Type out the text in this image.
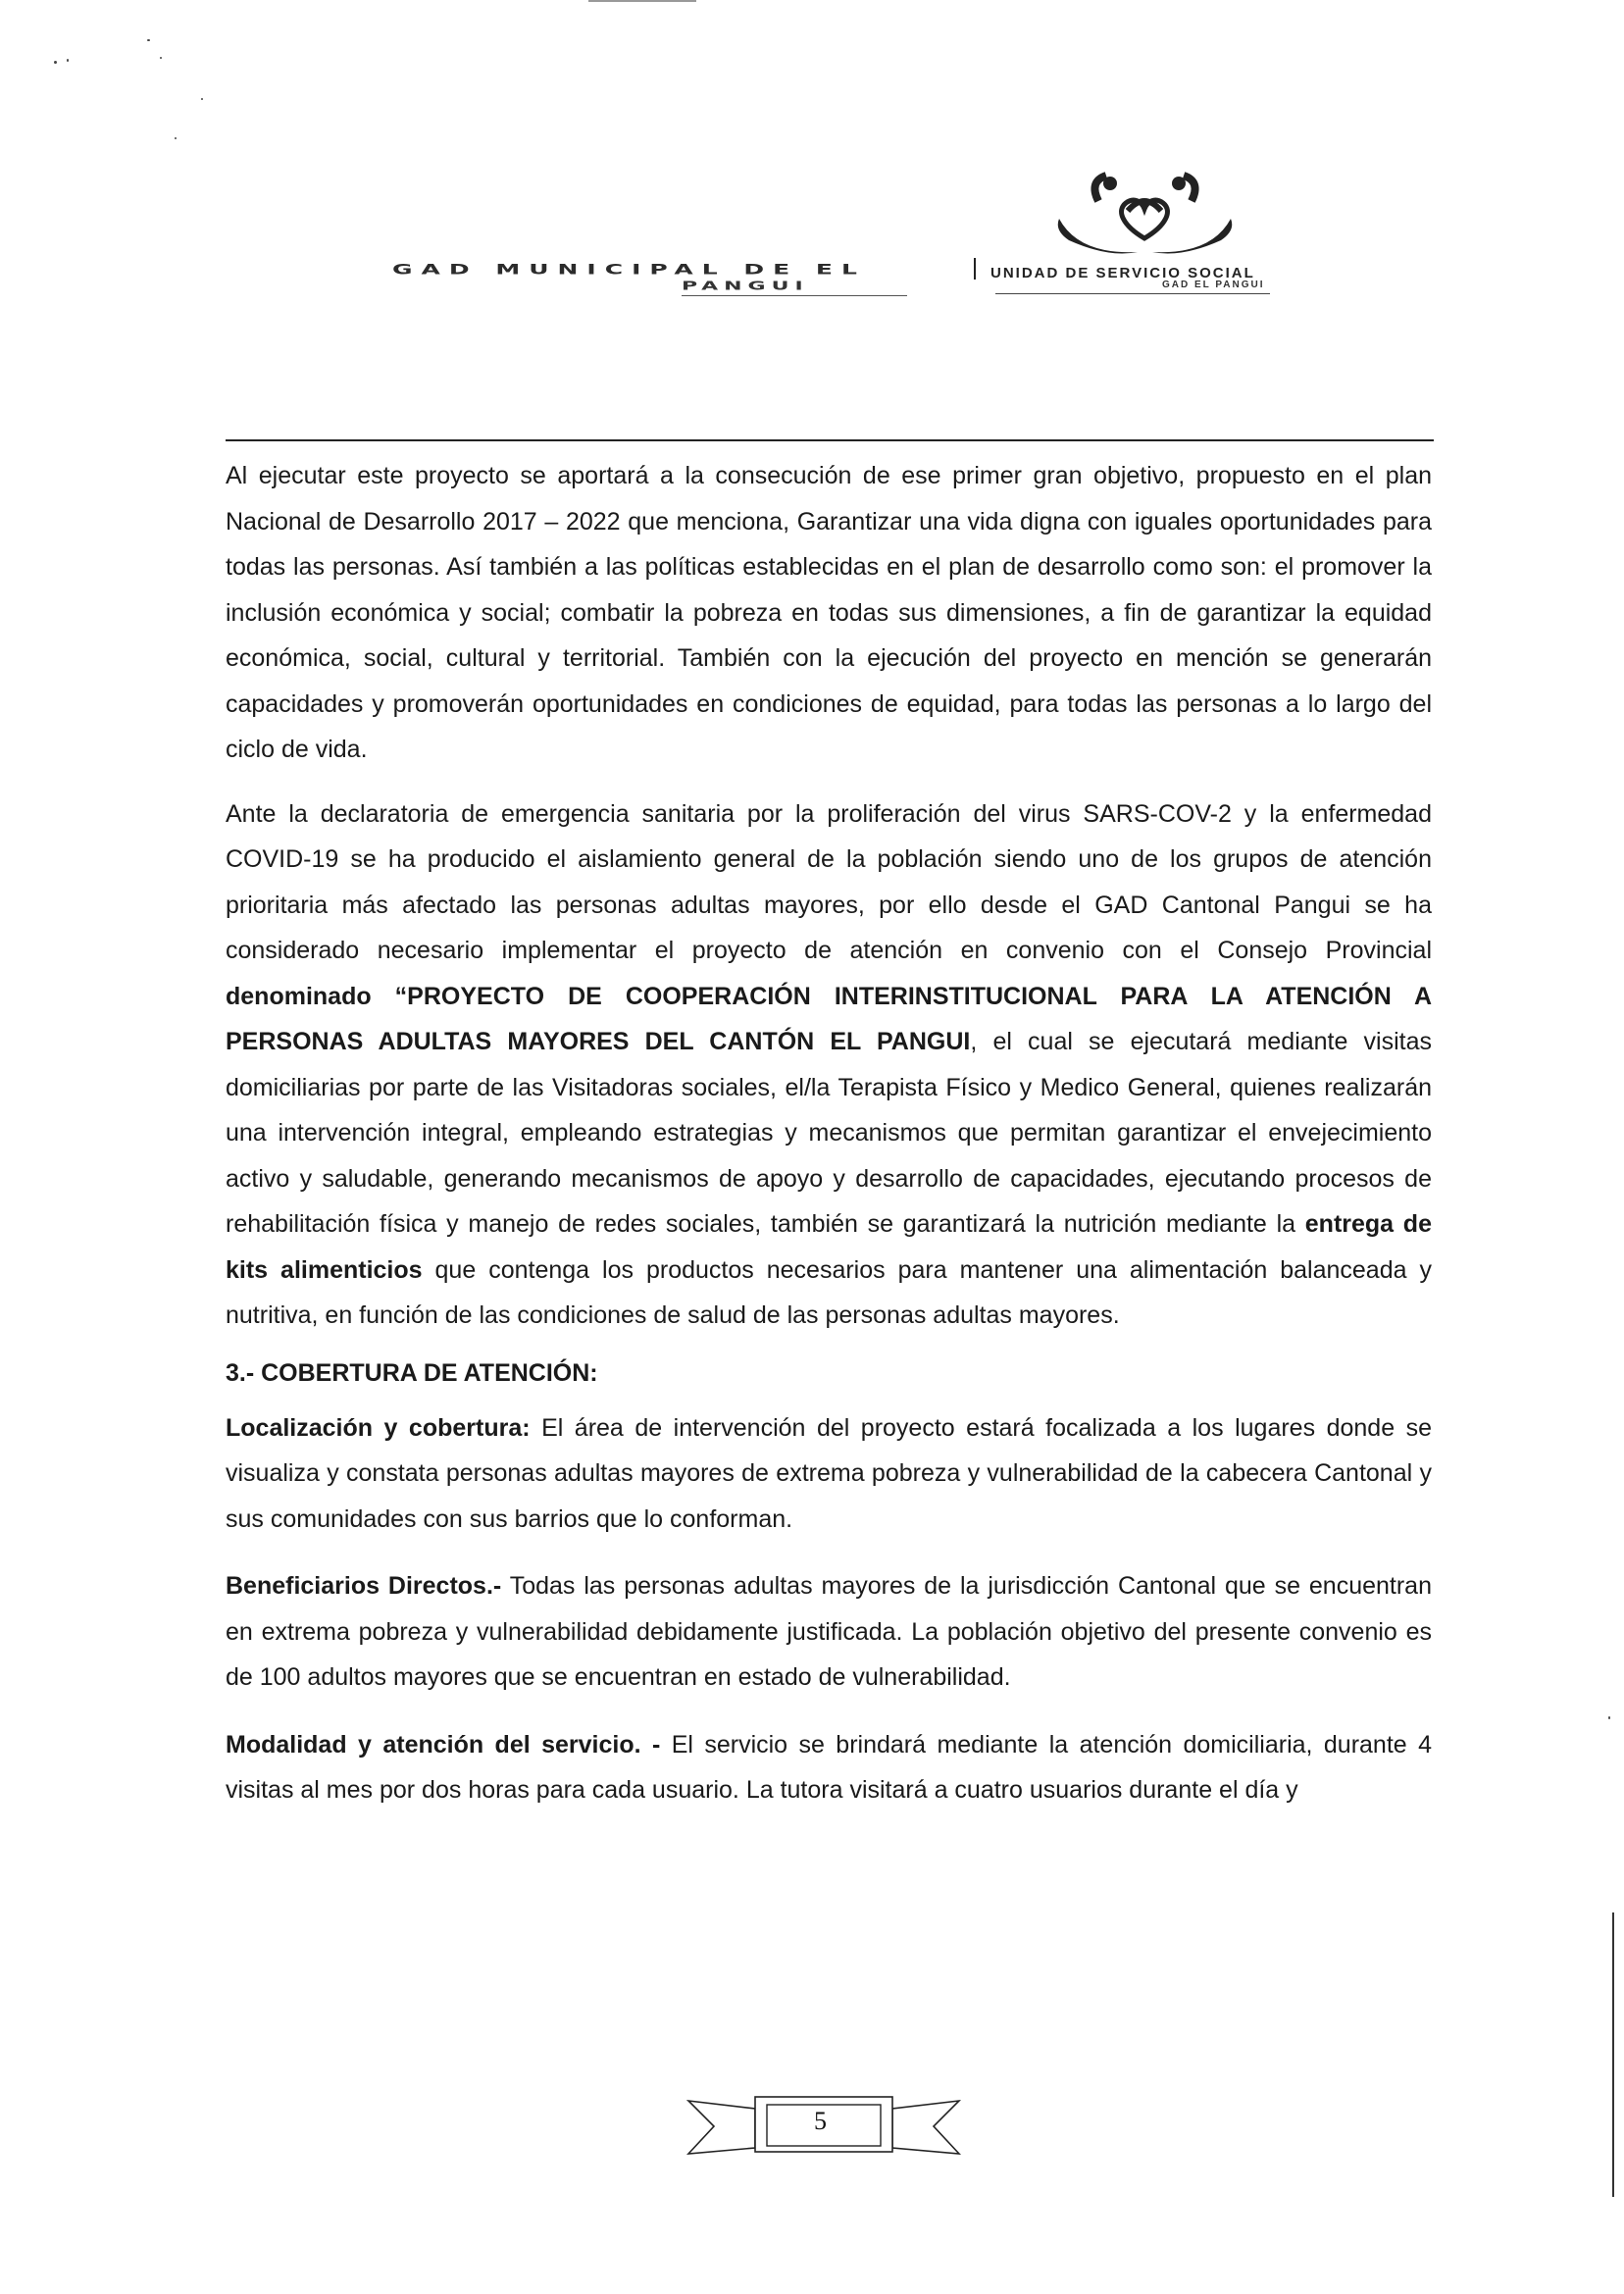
GAD MUNICIPAL DE EL
PANGUI
UNIDAD DE SERVICIO SOCIAL
GAD EL PANGUI

Al ejecutar este proyecto se aportará a la consecución de ese primer gran objetivo, propuesto en el plan Nacional de Desarrollo 2017 – 2022 que menciona, Garantizar una vida digna con iguales oportunidades para todas las personas. Así también a las políticas establecidas en el plan de desarrollo como son: el promover la inclusión económica y social; combatir la pobreza en todas sus dimensiones, a fin de garantizar la equidad económica, social, cultural y territorial. También con la ejecución del proyecto en mención se generarán capacidades y promoverán oportunidades en condiciones de equidad, para todas las personas a lo largo del ciclo de vida.

Ante la declaratoria de emergencia sanitaria por la proliferación del virus SARS-COV-2 y la enfermedad COVID-19 se ha producido el aislamiento general de la población siendo uno de los grupos de atención prioritaria más afectado las personas adultas mayores, por ello desde el GAD Cantonal Pangui se ha considerado necesario implementar el proyecto de atención en convenio con el Consejo Provincial denominado “PROYECTO DE COOPERACIÓN INTERINSTITUCIONAL PARA LA ATENCIÓN A PERSONAS ADULTAS MAYORES DEL CANTÓN EL PANGUI, el cual se ejecutará mediante visitas domiciliarias por parte de las Visitadoras sociales, el/la Terapista Físico y Medico General, quienes realizarán una intervención integral, empleando estrategias y mecanismos que permitan garantizar el envejecimiento activo y saludable, generando mecanismos de apoyo y desarrollo de capacidades, ejecutando procesos de rehabilitación física y manejo de redes sociales, también se garantizará la nutrición mediante la entrega de kits alimenticios que contenga los productos necesarios para mantener una alimentación balanceada y nutritiva, en función de las condiciones de salud de las personas adultas mayores.

3.- COBERTURA DE ATENCIÓN:

Localización y cobertura: El área de intervención del proyecto estará focalizada a los lugares donde se visualiza y constata personas adultas mayores de extrema pobreza y vulnerabilidad de la cabecera Cantonal y sus comunidades con sus barrios que lo conforman.

Beneficiarios Directos.- Todas las personas adultas mayores de la jurisdicción Cantonal que se encuentran en extrema pobreza y vulnerabilidad debidamente justificada. La población objetivo del presente convenio es de 100 adultos mayores que se encuentran en estado de vulnerabilidad.

Modalidad y atención del servicio. - El servicio se brindará mediante la atención domiciliaria, durante 4 visitas al mes por dos horas para cada usuario. La tutora visitará a cuatro usuarios durante el día y

5
